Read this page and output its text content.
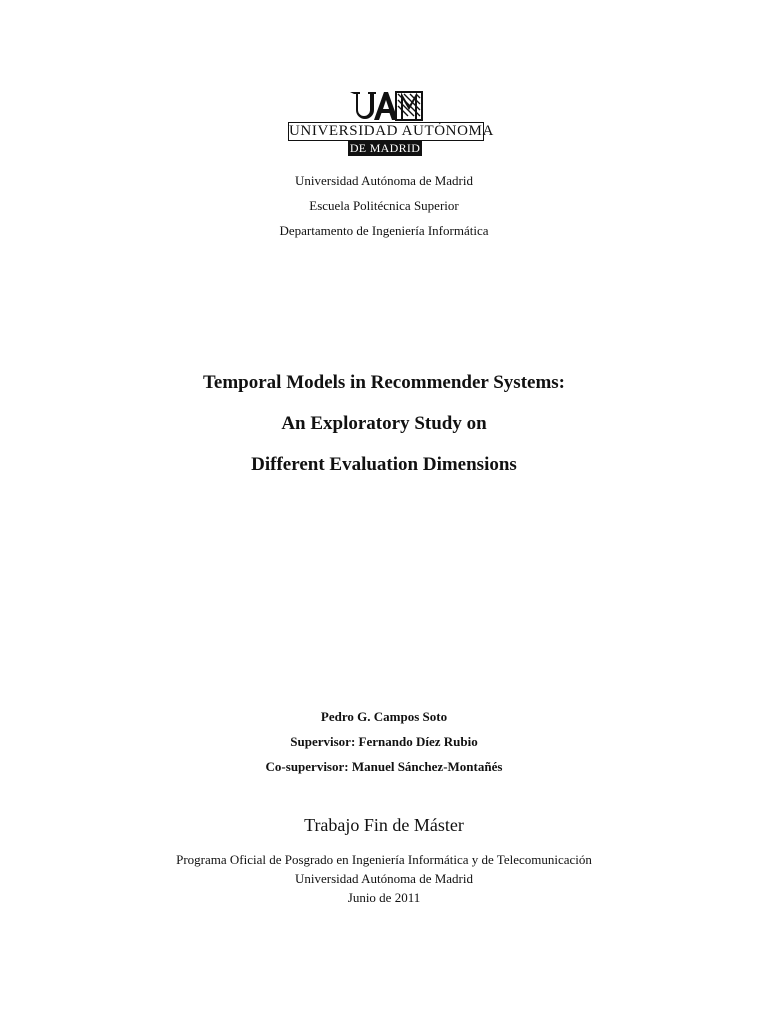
UNIVERSIDAD AUTÓNOMA
DE MADRID
Universidad Autónoma de Madrid
Escuela Politécnica Superior
Departamento de Ingeniería Informática
Temporal Models in Recommender Systems:
An Exploratory Study on
Different Evaluation Dimensions
Pedro G. Campos Soto
Supervisor: Fernando Díez Rubio
Co-supervisor: Manuel Sánchez-Montañés
Trabajo Fin de Máster
Programa Oficial de Posgrado en Ingeniería Informática y de Telecomunicación
Universidad Autónoma de Madrid
Junio de 2011
